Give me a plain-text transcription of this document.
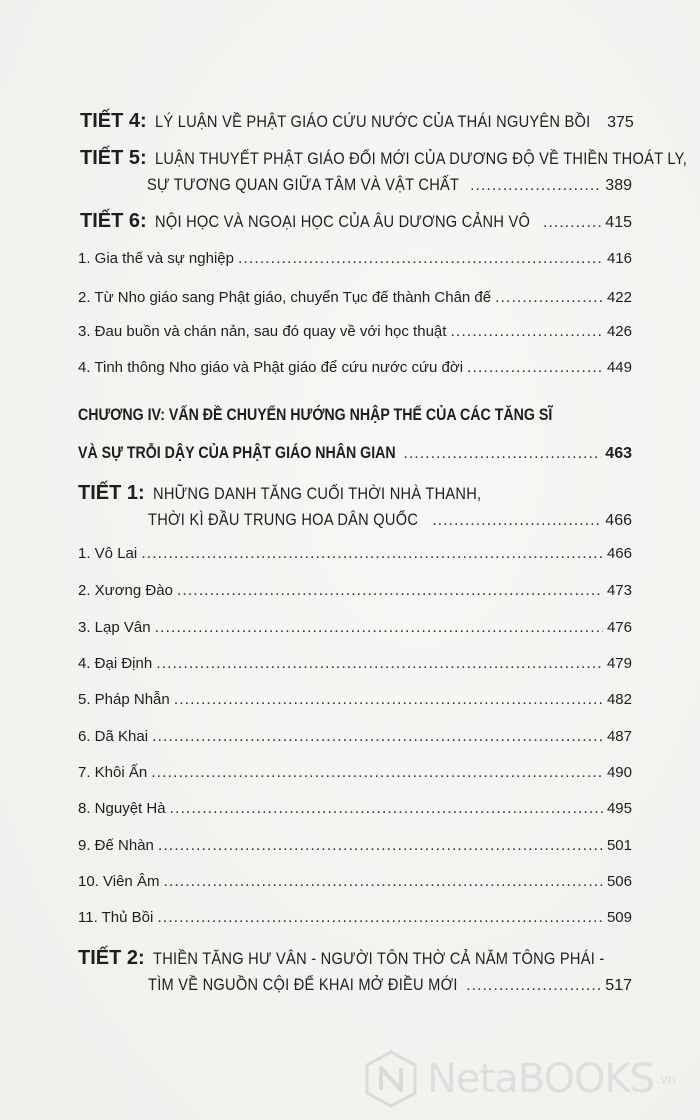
TIẾT 4: LÝ LUẬN VỀ PHẬT GIÁO CỨU NƯỚC CỦA THÁI NGUYÊN BỒI 375
TIẾT 5: LUẬN THUYẾT PHẬT GIÁO ĐỔI MỚI CỦA DƯƠNG ĐỘ VỀ THIỀN THOÁT LY,
SỰ TƯƠNG QUAN GIỮA TÂM VÀ VẬT CHẤT .....	389
TIẾT 6: NỘI HỌC VÀ NGOẠI HỌC CỦA ÂU DƯƠNG CẢNH VÔ .....	415
1. Gia thế và sự nghiệp .....	416
2. Từ Nho giáo sang Phật giáo, chuyển Tục đế thành Chân đế .....	422
3. Đau buồn và chán nản, sau đó quay về với học thuật .....	426
4. Tinh thông Nho giáo và Phật giáo để cứu nước cứu đời .....	449
CHƯƠNG IV: VẤN ĐỀ CHUYỂN HƯỚNG NHẬP THẾ CỦA CÁC TĂNG SĨ
VÀ SỰ TRỖI DẬY CỦA PHẬT GIÁO NHÂN GIAN .....	463
TIẾT 1: NHỮNG DANH TĂNG CUỐI THỜI NHÀ THANH,
THỜI KÌ ĐẦU TRUNG HOA DÂN QUỐC .....	466
1. Vô Lai .....	466
2. Xương Đào .....	473
3. Lạp Vân .....	476
4. Đại Định .....	479
5. Pháp Nhẫn .....	482
6. Dã Khai .....	487
7. Khôi Ấn .....	490
8. Nguyệt Hà .....	495
9. Đế Nhàn .....	501
10. Viên Âm .....	506
11. Thủ Bồi .....	509
TIẾT 2: THIỀN TĂNG HƯ VÂN - NGƯỜI TÔN THỜ CẢ NĂM TÔNG PHÁI -
TÌM VỀ NGUỒN CỘI ĐỂ KHAI MỞ ĐIỀU MỚI .....	517
NetaBOOKS .vn
